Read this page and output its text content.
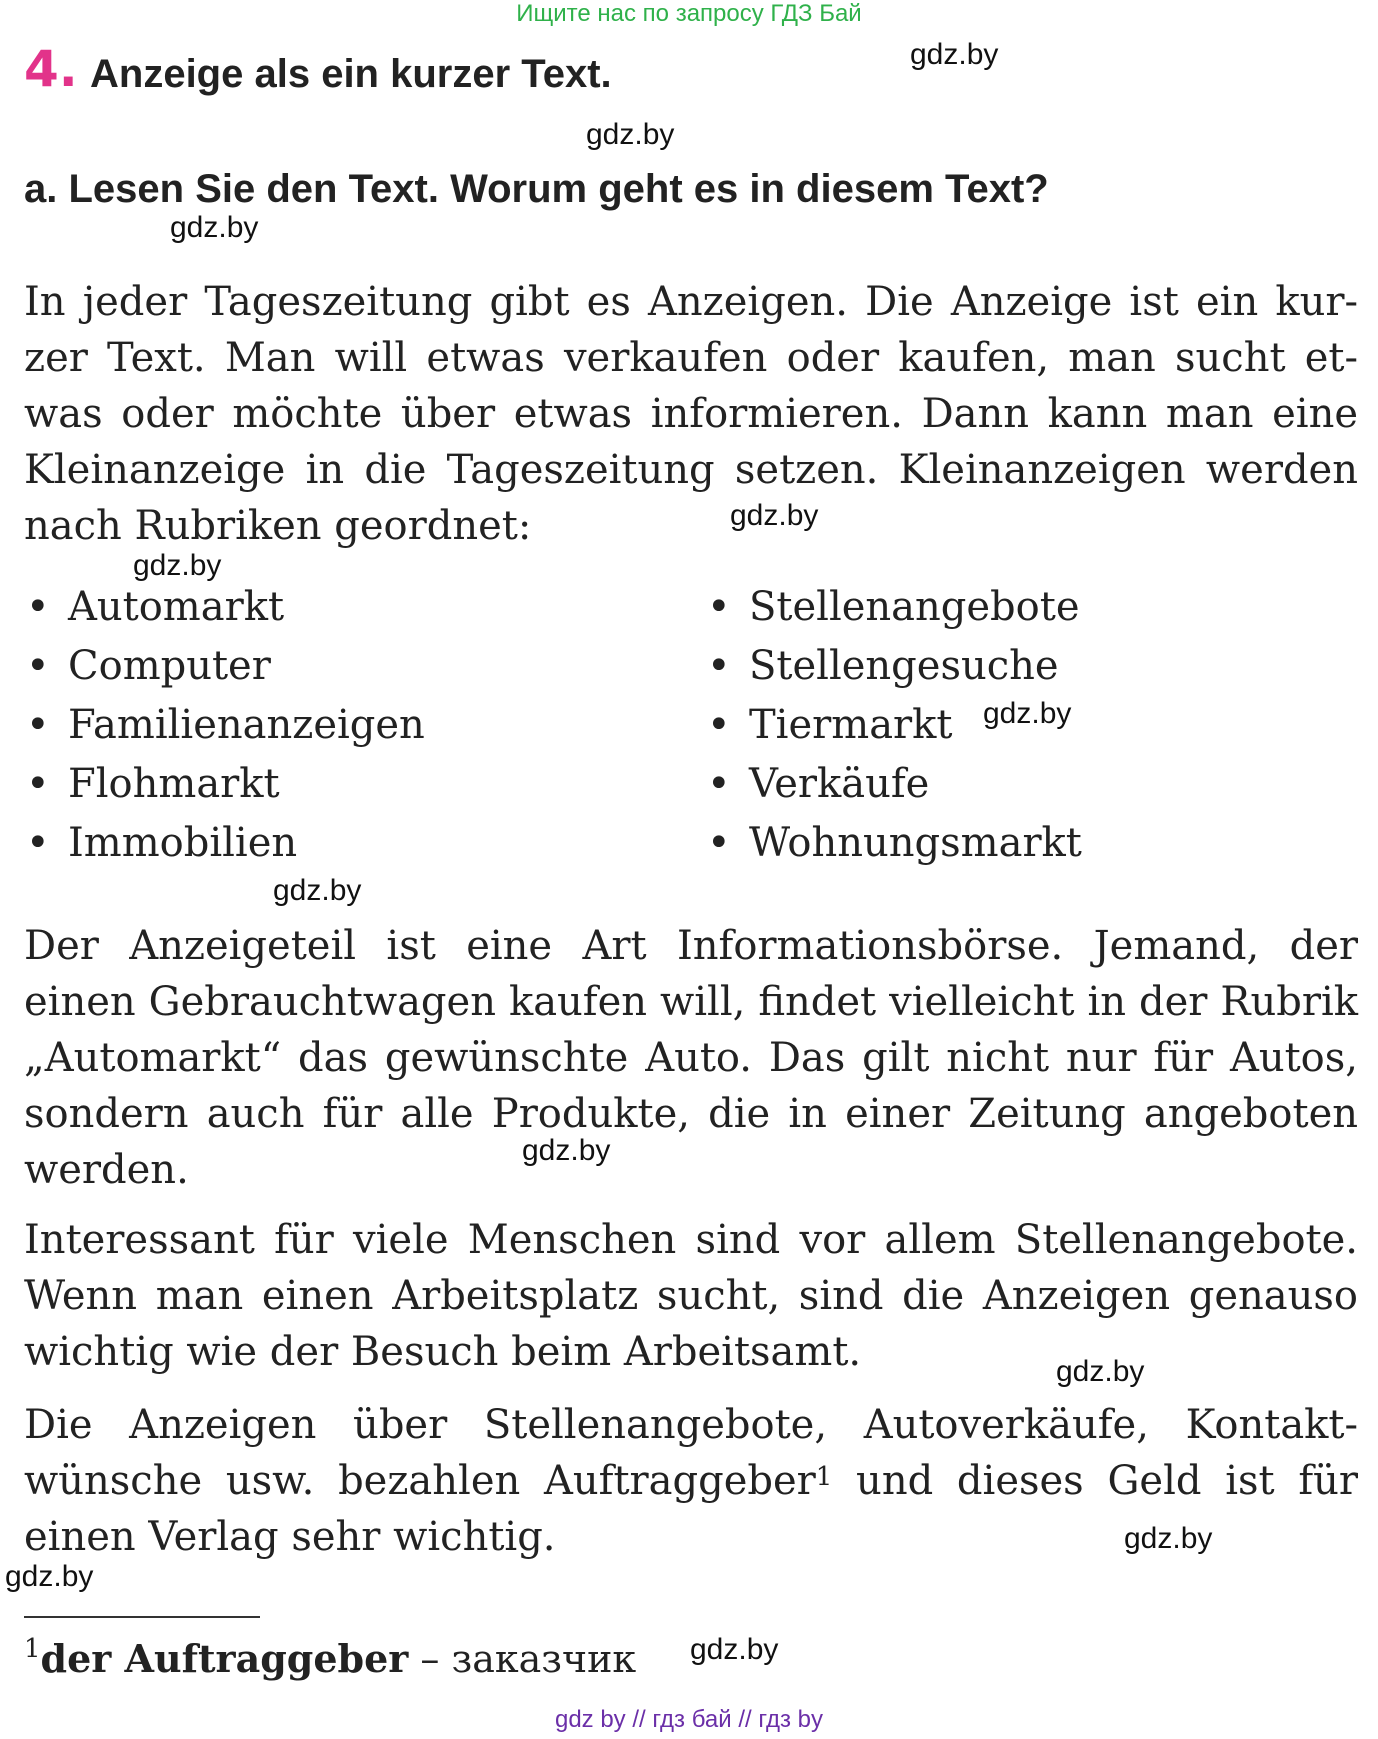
Ищите нас по запросу ГДЗ Бай
4. Anzeige als ein kurzer Text.
a. Lesen Sie den Text. Worum geht es in diesem Text?
In jeder Tageszeitung gibt es Anzeigen. Die Anzeige ist ein kurzer Text. Man will etwas verkaufen oder kaufen, man sucht etwas oder möchte über etwas informieren. Dann kann man eine Kleinanzeige in die Tageszeitung setzen. Kleinanzeigen werden nach Rubriken geordnet:
• Automarkt
• Computer
• Familienanzeigen
• Flohmarkt
• Immobilien
• Stellenangebote
• Stellengesuche
• Tiermarkt
• Verkäufe
• Wohnungsmarkt
Der Anzeigeteil ist eine Art Informationsbörse. Jemand, der einen Gebrauchtwagen kaufen will, findet vielleicht in der Rubrik „Automarkt“ das gewünschte Auto. Das gilt nicht nur für Autos, sondern auch für alle Produkte, die in einer Zeitung angeboten werden.
Interessant für viele Menschen sind vor allem Stellenangebote. Wenn man einen Arbeitsplatz sucht, sind die Anzeigen genauso wichtig wie der Besuch beim Arbeitsamt.
Die Anzeigen über Stellenangebote, Autoverkäufe, Kontaktwünsche usw. bezahlen Auftraggeber$^1$ und dieses Geld ist für einen Verlag sehr wichtig.
$^1$der Auftraggeber – заказчик
gdz.by
gdz.by
gdz.by
gdz.by
gdz.by
gdz.by
gdz.by
gdz.by
gdz.by
gdz.by
gdz.by
gdz.by
gdz by // гдз бай // гдз by
